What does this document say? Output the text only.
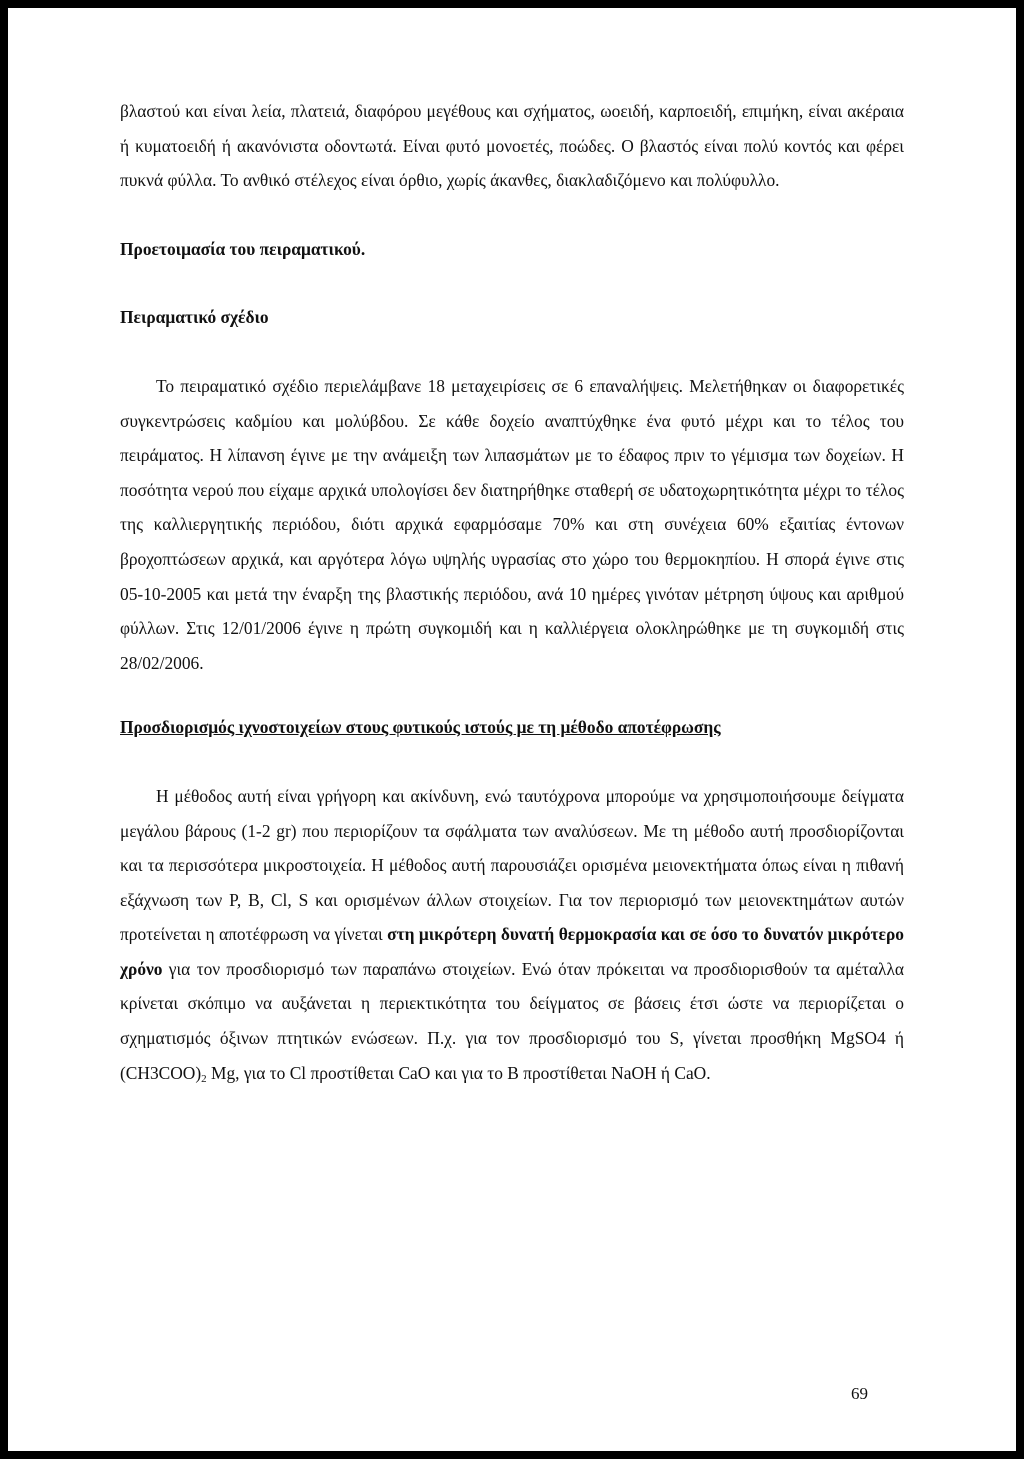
βλαστού και είναι λεία, πλατειά, διαφόρου μεγέθους και σχήματος, ωοειδή, καρποειδή, επιμήκη, είναι ακέραια ή κυματοειδή ή ακανόνιστα οδοντωτά. Είναι φυτό μονοετές, ποώδες. Ο βλαστός είναι πολύ κοντός και φέρει πυκνά φύλλα. Το ανθικό στέλεχος είναι όρθιο, χωρίς άκανθες, διακλαδιζόμενο και πολύφυλλο.

Προετοιμασία του πειραματικού.

Πειραματικό σχέδιο

Το πειραματικό σχέδιο περιελάμβανε 18 μεταχειρίσεις σε 6 επαναλήψεις. Μελετήθηκαν οι διαφορετικές συγκεντρώσεις καδμίου και μολύβδου. Σε κάθε δοχείο αναπτύχθηκε ένα φυτό μέχρι και το τέλος του πειράματος. Η λίπανση έγινε με την ανάμειξη των λιπασμάτων με το έδαφος πριν το γέμισμα των δοχείων. Η ποσότητα νερού που είχαμε αρχικά υπολογίσει δεν διατηρήθηκε σταθερή σε υδατοχωρητικότητα μέχρι το τέλος της καλλιεργητικής περιόδου, διότι αρχικά εφαρμόσαμε 70% και στη συνέχεια 60% εξαιτίας έντονων βροχοπτώσεων αρχικά, και αργότερα λόγω υψηλής υγρασίας στο χώρο του θερμοκηπίου. Η σπορά έγινε στις 05-10-2005 και μετά την έναρξη της βλαστικής περιόδου, ανά 10 ημέρες γινόταν μέτρηση ύψους και αριθμού φύλλων. Στις 12/01/2006 έγινε η πρώτη συγκομιδή και η καλλιέργεια ολοκληρώθηκε με τη συγκομιδή στις 28/02/2006.

Προσδιορισμός ιχνοστοιχείων στους φυτικούς ιστούς με τη μέθοδο αποτέφρωσης

Η μέθοδος αυτή είναι γρήγορη και ακίνδυνη, ενώ ταυτόχρονα μπορούμε να χρησιμοποιήσουμε δείγματα μεγάλου βάρους (1-2 gr) που περιορίζουν τα σφάλματα των αναλύσεων. Με τη μέθοδο αυτή προσδιορίζονται και τα περισσότερα μικροστοιχεία. Η μέθοδος αυτή παρουσιάζει ορισμένα μειονεκτήματα όπως είναι η πιθανή εξάχνωση των P, B, Cl, S και ορισμένων άλλων στοιχείων. Για τον περιορισμό των μειονεκτημάτων αυτών προτείνεται η αποτέφρωση να γίνεται στη μικρότερη δυνατή θερμοκρασία και σε όσο το δυνατόν μικρότερο χρόνο για τον προσδιορισμό των παραπάνω στοιχείων. Ενώ όταν πρόκειται να προσδιορισθούν τα αμέταλλα κρίνεται σκόπιμο να αυξάνεται η περιεκτικότητα του δείγματος σε βάσεις έτσι ώστε να περιορίζεται ο σχηματισμός όξινων πτητικών ενώσεων. Π.χ. για τον προσδιορισμό του S, γίνεται προσθήκη MgSO4 ή $(CH3COO)_2$ Mg, για το Cl προστίθεται CaO και για το B προστίθεται NaOH ή CaO.

69
